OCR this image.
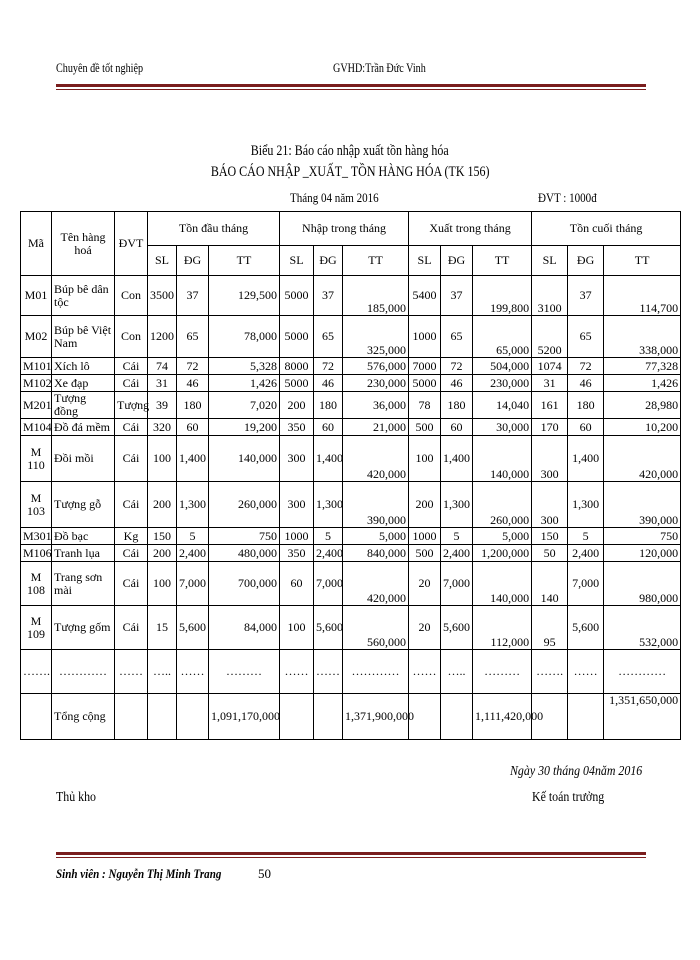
Chuyên đề tốt nghiệp	GVHD:Trần Đức Vinh
Biểu 21: Báo cáo nhập xuất tồn hàng hóa
BÁO CÁO NHẬP _XUẤT_ TỒN HÀNG HÓA (TK 156)
Tháng 04 năm 2016	ĐVT : 1000đ
Mã	Tên hàng hoá	ĐVT	Tồn đầu tháng			Nhập trong tháng			Xuất trong tháng			Tồn cuối tháng		
			SL	ĐG	TT	SL	ĐG	TT	SL	ĐG	TT	SL	ĐG	TT
M01	Búp bê dân tộc	Con	3500	37	129,500	5000	37	185,000	5400	37	199,800	3100	37	114,700
M02	Búp bê Việt Nam	Con	1200	65	78,000	5000	65	325,000	1000	65	65,000	5200	65	338,000
M101	Xích lô	Cái	74	72	5,328	8000	72	576,000	7000	72	504,000	1074	72	77,328
M102	Xe đạp	Cái	31	46	1,426	5000	46	230,000	5000	46	230,000	31	46	1,426
M201	Tượng đồng	Tượng	39	180	7,020	200	180	36,000	78	180	14,040	161	180	28,980
M104	Đồ đá mềm	Cái	320	60	19,200	350	60	21,000	500	60	30,000	170	60	10,200
M 110	Đồi mồi	Cái	100	1,400	140,000	300	1,400	420,000	100	1,400	140,000	300	1,400	420,000
M 103	Tượng gỗ	Cái	200	1,300	260,000	300	1,300	390,000	200	1,300	260,000	300	1,300	390,000
M301	Đồ bạc	Kg	150	5	750	1000	5	5,000	1000	5	5,000	150	5	750
M106	Tranh lụa	Cái	200	2,400	480,000	350	2,400	840,000	500	2,400	1,200,000	50	2,400	120,000
M 108	Trang sơn mài	Cái	100	7,000	700,000	60	7,000	420,000	20	7,000	140,000	140	7,000	980,000
M 109	Tượng gốm	Cái	15	5,600	84,000	100	5,600	560,000	20	5,600	112,000	95	5,600	532,000
…….	…………	……	…..	……	………	……	……	…………	……	…..	………	…….	……	…………
	Tổng cộng				1,091,170,000			1,371,900,000			1,111,420,000			1,351,650,000
Ngày 30 tháng 04năm 2016
Thủ kho	Kế toán trưởng
Sinh viên : Nguyễn Thị Minh Trang	50
